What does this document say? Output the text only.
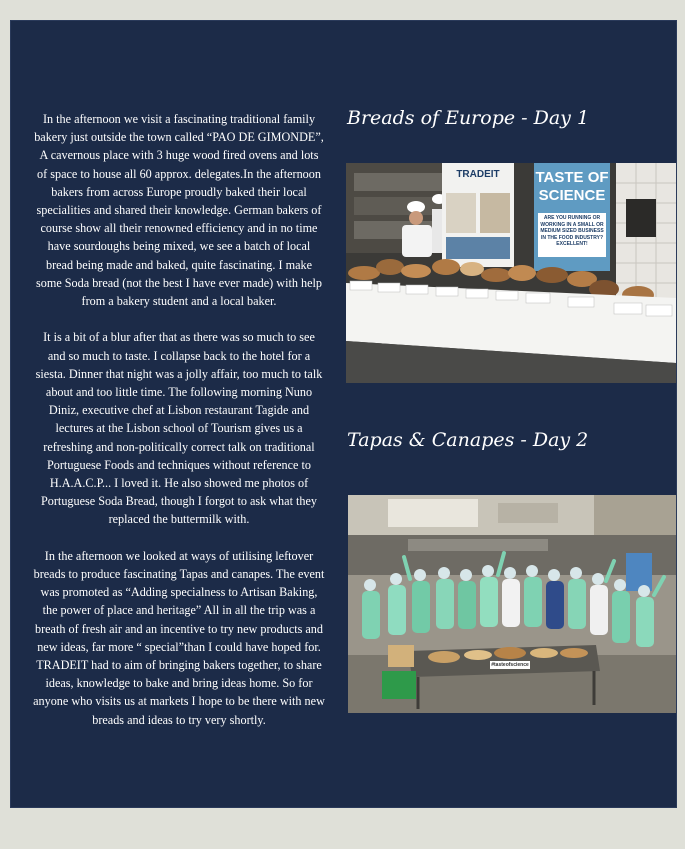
In the afternoon we visit a fascinating traditional family bakery just outside the town called “PAO DE GIMONDE”, A cavernous place with 3 huge wood fired ovens and lots of space to house all 60 approx. delegates.In the afternoon bakers from across Europe proudly baked their local specialities and shared their knowledge. German bakers of course show all their renowned efficiency and in no time have sourdoughs being mixed, we see a batch of local bread being made and baked, quite fascinating. I make some Soda bread (not the best I have ever made) with help from a bakery student and a local baker.

It is a bit of a blur after that as there was so much to see and so much to taste. I collapse back to the hotel for a siesta. Dinner that night was a jolly affair, too much to talk about and too little time. The following morning Nuno Diniz, executive chef at Lisbon restaurant Tagide and lectures at the Lisbon school of Tourism gives us a refreshing and non-politically correct talk on traditional Portuguese Foods and techniques without reference to H.A.A.C.P... I loved it. He also showed me photos of Portuguese Soda Bread, though I forgot to ask what they replaced the buttermilk with.

In the afternoon we looked at ways of utilising leftover breads to produce fascinating Tapas and canapes. The event was promoted as “Adding specialness to Artisan Baking, the power of place and heritage” All in all the trip was a breath of fresh air and an incentive to try new products and new ideas, far more “ special”than I could have hoped for. TRADEIT had to aim of bringing bakers together, to share ideas, knowledge to bake and bring ideas home. So for anyone who visits us at markets I hope to be there with new breads and ideas to try very shortly.

Breads of Europe - Day 1
TRADEIT	TASTE OF
SCIENCE
ARE YOU RUNNING OR WORKING IN A SMALL OR MEDIUM SIZED BUSINESS IN THE FOOD INDUSTRY? EXCELLENT!
Tapas & Canapes - Day 2
#tasteofscience
